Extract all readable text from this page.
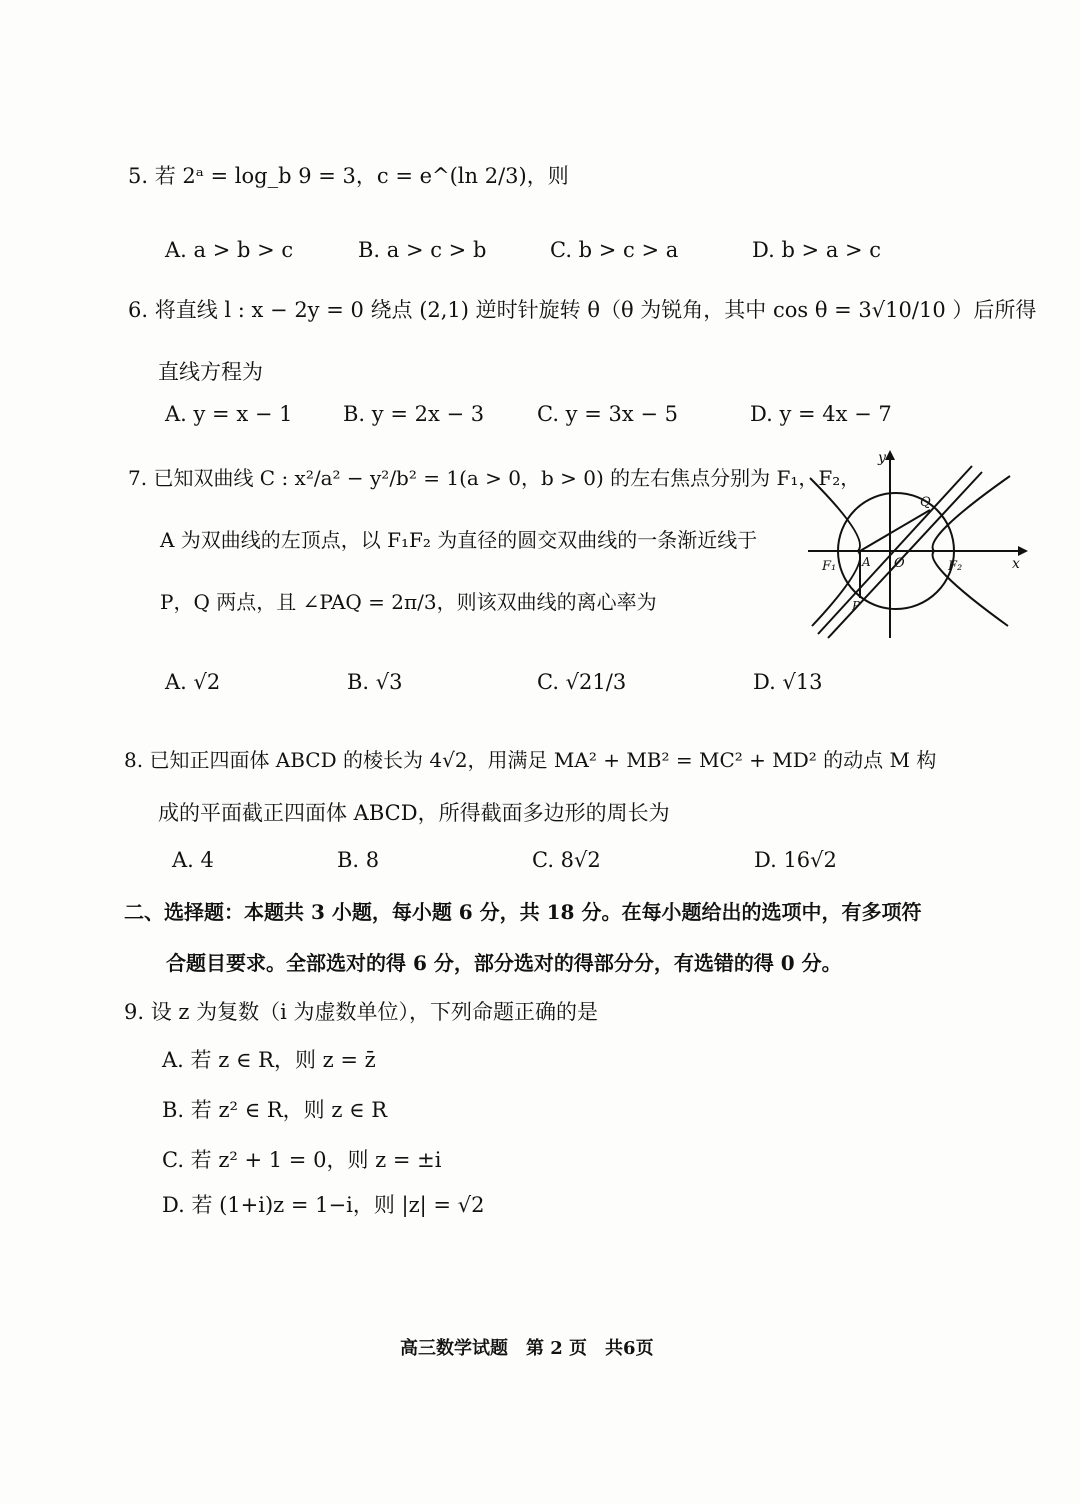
5. 若 2ᵃ = log_b 9 = 3，c = e^(ln 2/3)，则
A. a > b > c	B. a > c > b	C. b > c > a	D. b > a > c
6. 将直线 l : x − 2y = 0 绕点 (2,1) 逆时针旋转 θ（θ 为锐角，其中 cos θ = 3√10/10 ）后所得
直线方程为
A. y = x − 1 B. y = 2x − 3	C. y = 3x − 5	D. y = 4x − 7
7. 已知双曲线 C : x²/a² − y²/b² = 1(a > 0，b > 0) 的左右焦点分别为 F₁，F₂，
A 为双曲线的左顶点，以 F₁F₂ 为直径的圆交双曲线的一条渐近线于
P，Q 两点，且 ∠PAQ = 2π/3，则该双曲线的离心率为
y
x
Q
F₁ A O	F₂
P
A. √2	B. √3	C. √21/3	D. √13
8. 已知正四面体 ABCD 的棱长为 4√2，用满足 MA² + MB² = MC² + MD² 的动点 M 构
成的平面截正四面体 ABCD，所得截面多边形的周长为
A. 4	B. 8	C. 8√2	D. 16√2
二、选择题：本题共 3 小题，每小题 6 分，共 18 分。在每小题给出的选项中，有多项符
合题目要求。全部选对的得 6 分，部分选对的得部分分，有选错的得 0 分。
9. 设 z 为复数（i 为虚数单位），下列命题正确的是
A. 若 z ∈ R，则 z = z̄
B. 若 z² ∈ R，则 z ∈ R
C. 若 z² + 1 = 0，则 z = ±i
D. 若 (1+i)z = 1−i，则 |z| = √2
高三数学试题　第 2 页　共6页
